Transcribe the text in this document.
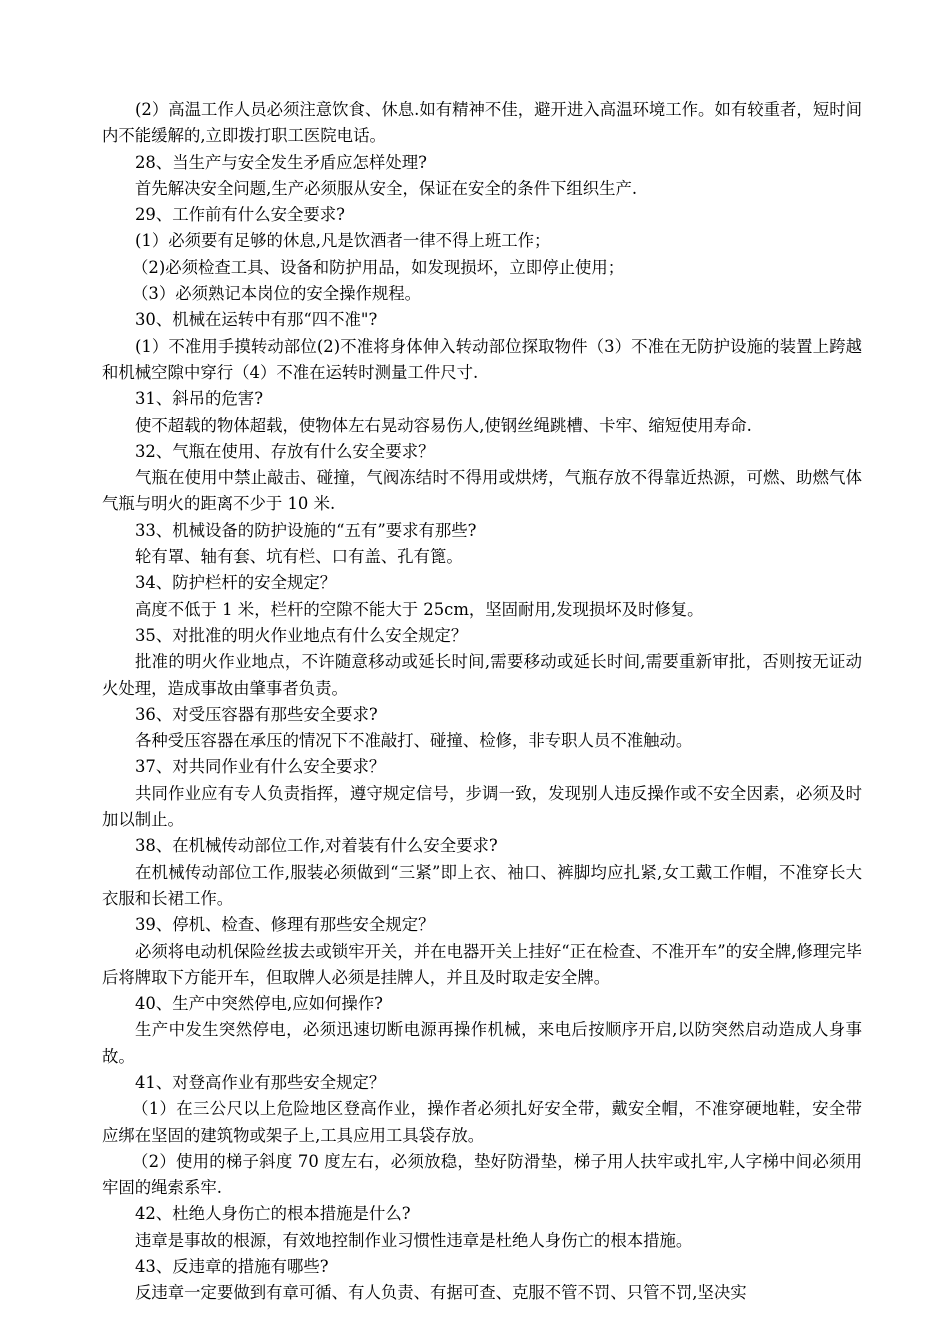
(2）高温工作人员必须注意饮食、休息.如有精神不佳，避开进入高温环境工作。如有较重者，短时间内不能缓解的,立即拨打职工医院电话。

28、当生产与安全发生矛盾应怎样处理?

首先解决安全问题,生产必须服从安全，保证在安全的条件下组织生产.

29、工作前有什么安全要求?

(1）必须要有足够的休息,凡是饮酒者一律不得上班工作；

（2)必须检查工具、设备和防护用品，如发现损坏，立即停止使用；

（3）必须熟记本岗位的安全操作规程。

30、机械在运转中有那“四不准"?

(1）不准用手摸转动部位(2)不准将身体伸入转动部位探取物件（3）不准在无防护设施的装置上跨越和机械空隙中穿行（4）不准在运转时测量工件尺寸.

31、斜吊的危害?

使不超载的物体超载，使物体左右晃动容易伤人,使钢丝绳跳槽、卡牢、缩短使用寿命.

32、气瓶在使用、存放有什么安全要求？

气瓶在使用中禁止敲击、碰撞，气阀冻结时不得用或烘烤，气瓶存放不得靠近热源，可燃、助燃气体气瓶与明火的距离不少于 10 米.

33、机械设备的防护设施的“五有”要求有那些?

轮有罩、轴有套、坑有栏、口有盖、孔有篦。

34、防护栏杆的安全规定？

高度不低于 1 米，栏杆的空隙不能大于 25cm，坚固耐用,发现损坏及时修复。

35、对批准的明火作业地点有什么安全规定？

批准的明火作业地点，不许随意移动或延长时间,需要移动或延长时间,需要重新审批，否则按无证动火处理，造成事故由肇事者负责。

36、对受压容器有那些安全要求?

各种受压容器在承压的情况下不准敲打、碰撞、检修，非专职人员不准触动。

37、对共同作业有什么安全要求？

共同作业应有专人负责指挥，遵守规定信号，步调一致，发现别人违反操作或不安全因素，必须及时加以制止。

38、在机械传动部位工作,对着装有什么安全要求?

在机械传动部位工作,服装必须做到“三紧”即上衣、袖口、裤脚均应扎紧,女工戴工作帽，不准穿长大衣服和长裙工作。

39、停机、检查、修理有那些安全规定？

必须将电动机保险丝拔去或锁牢开关，并在电器开关上挂好“正在检查、不准开车”的安全牌,修理完毕后将牌取下方能开车，但取牌人必须是挂牌人，并且及时取走安全牌。

40、生产中突然停电,应如何操作?

生产中发生突然停电，必须迅速切断电源再操作机械，来电后按顺序开启,以防突然启动造成人身事故。

41、对登高作业有那些安全规定？

（1）在三公尺以上危险地区登高作业，操作者必须扎好安全带，戴安全帽，不准穿硬地鞋，安全带应绑在坚固的建筑物或架子上,工具应用工具袋存放。

（2）使用的梯子斜度 70 度左右，必须放稳，垫好防滑垫，梯子用人扶牢或扎牢,人字梯中间必须用牢固的绳索系牢.

42、杜绝人身伤亡的根本措施是什么?

违章是事故的根源，有效地控制作业习惯性违章是杜绝人身伤亡的根本措施。

43、反违章的措施有哪些?

反违章一定要做到有章可循、有人负责、有据可查、克服不管不罚、只管不罚,坚决实
